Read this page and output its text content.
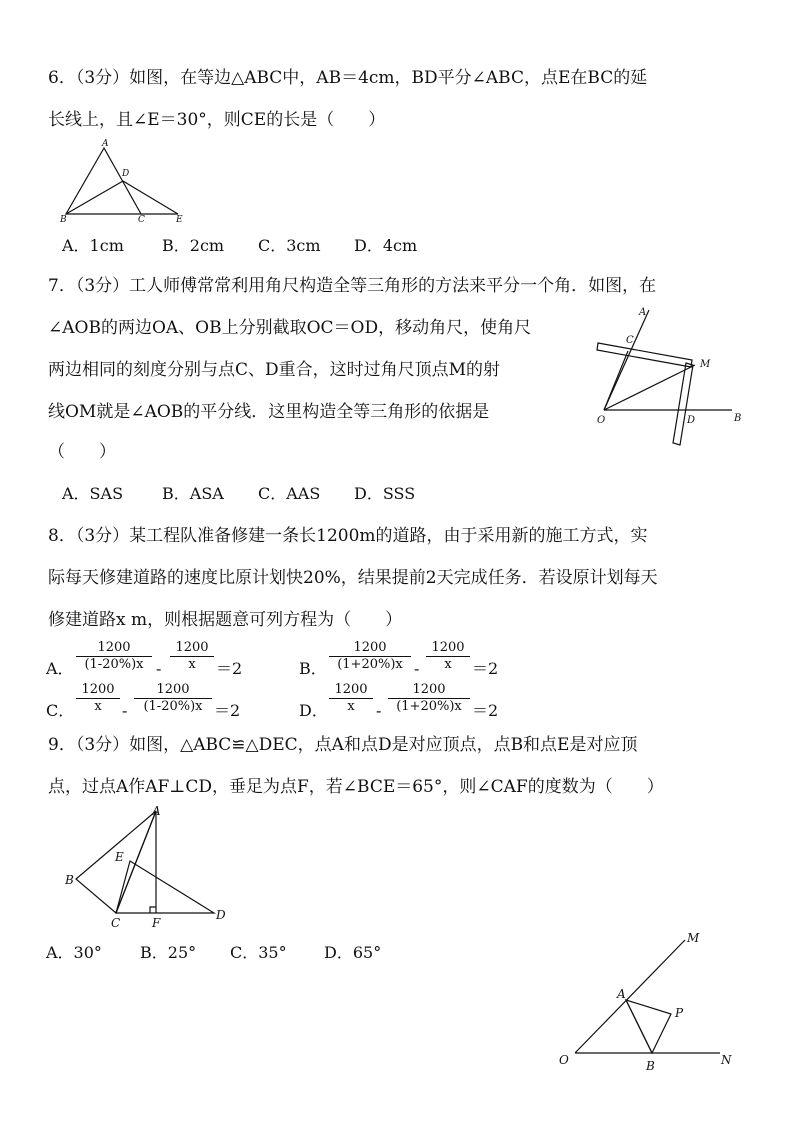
6．（3分）如图，在等边△ABC中，AB＝4cm，BD平分∠ABC，点E在BC的延
长线上，且∠E＝30°，则CE的长是（　　）
A
D
B	C	E
A．1cm B．2cm C．3cm D．4cm
7．（3分）工人师傅常常利用角尺构造全等三角形的方法来平分一个角．如图，在
∠AOB的两边OA、OB上分别截取OC＝OD，移动角尺，使角尺
两边相同的刻度分别与点C、D重合，这时过角尺顶点M的射
线OM就是∠AOB的平分线．这里构造全等三角形的依据是
（　　）
A
C
M
O	D	B
A．SAS B．ASA C．AAS D．SSS
8．（3分）某工程队准备修建一条长1200m的道路，由于采用新的施工方式，实
际每天修建道路的速度比原计划快20%，结果提前2天完成任务．若设原计划每天
修建道路x m，则根据题意可列方程为（　　）
A． $\frac{1200}{(1-20\%)x} - \frac{1200}{x} =2$	B． $\frac{1200}{(1+20\%)x} - \frac{1200}{x} =2$
C． $\frac{1200}{x} - \frac{1200}{(1-20\%)x} =2$	D． $\frac{1200}{x} - \frac{1200}{(1+20\%)x} =2$
9．（3分）如图，△ABC≌△DEC，点A和点D是对应顶点，点B和点E是对应顶
点，过点A作AF⊥CD，垂足为点F，若∠BCE＝65°，则∠CAF的度数为（　　）
A
E
B
C	F
D
A．30° B．25° C．35° D．65°
M
A
P
O	B	N
